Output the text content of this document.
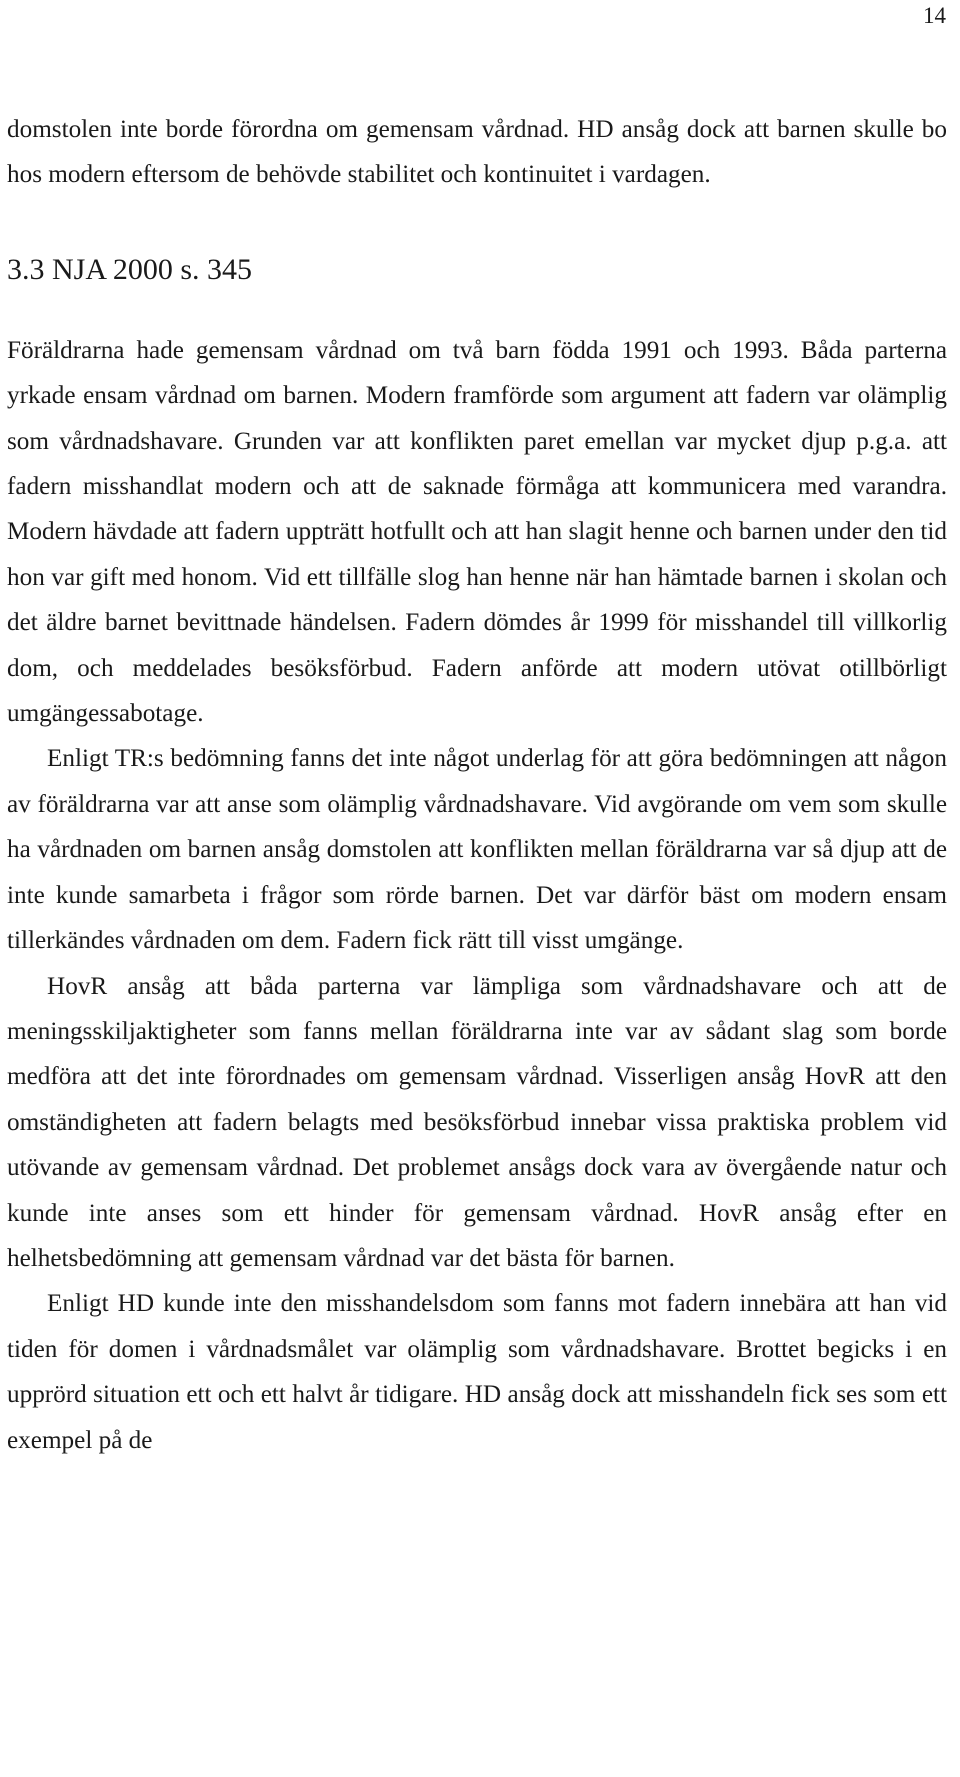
14

domstolen inte borde förordna om gemensam vårdnad. HD ansåg dock att barnen skulle bo hos modern eftersom de behövde stabilitet och kontinuitet i vardagen.

3.3 NJA 2000 s. 345

Föräldrarna hade gemensam vårdnad om två barn födda 1991 och 1993. Båda parterna yrkade ensam vårdnad om barnen. Modern framförde som argument att fadern var olämplig som vårdnadshavare. Grunden var att konflikten paret emellan var mycket djup p.g.a. att fadern misshandlat modern och att de saknade förmåga att kommunicera med varandra. Modern hävdade att fadern uppträtt hotfullt och att han slagit henne och barnen under den tid hon var gift med honom. Vid ett tillfälle slog han henne när han hämtade barnen i skolan och det äldre barnet bevittnade händelsen. Fadern dömdes år 1999 för misshandel till villkorlig dom, och meddelades besöksförbud. Fadern anförde att modern utövat otillbörligt umgängessabotage.

Enligt TR:s bedömning fanns det inte något underlag för att göra bedömningen att någon av föräldrarna var att anse som olämplig vårdnadshavare. Vid avgörande om vem som skulle ha vårdnaden om barnen ansåg domstolen att konflikten mellan föräldrarna var så djup att de inte kunde samarbeta i frågor som rörde barnen. Det var därför bäst om modern ensam tillerkändes vårdnaden om dem. Fadern fick rätt till visst umgänge.

HovR ansåg att båda parterna var lämpliga som vårdnadshavare och att de meningsskiljaktigheter som fanns mellan föräldrarna inte var av sådant slag som borde medföra att det inte förordnades om gemensam vårdnad. Visserligen ansåg HovR att den omständigheten att fadern belagts med besöksförbud innebar vissa praktiska problem vid utövande av gemensam vårdnad. Det problemet ansågs dock vara av övergående natur och kunde inte anses som ett hinder för gemensam vårdnad. HovR ansåg efter en helhetsbedömning att gemensam vårdnad var det bästa för barnen.

Enligt HD kunde inte den misshandelsdom som fanns mot fadern innebära att han vid tiden för domen i vårdnadsmålet var olämplig som vårdnadshavare. Brottet begicks i en upprörd situation ett och ett halvt år tidigare. HD ansåg dock att misshandeln fick ses som ett exempel på de
